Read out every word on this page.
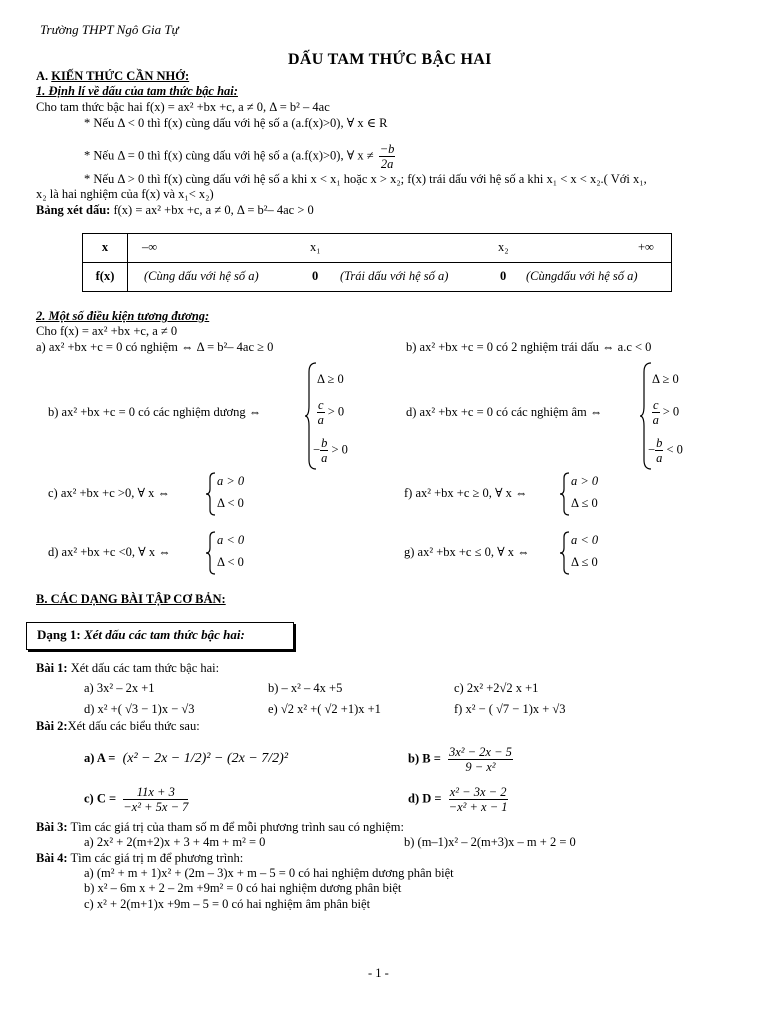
Trường THPT Ngô Gia Tự
DẤU TAM THỨC BẬC HAI
A. KIẾN THỨC CẦN NHỚ:
1. Định lí về dấu của tam thức bậc hai:
Cho tam thức bậc hai f(x) = ax² +bx +c, a ≠ 0, Δ = b² – 4ac
* Nếu Δ < 0 thì f(x) cùng dấu với hệ số a (a.f(x)>0), ∀ x ∈ R
* Nếu Δ = 0 thì f(x) cùng dấu với hệ số a (a.f(x)>0), ∀ $x \ne \frac{-b}{2a}$
* Nếu Δ > 0 thì f(x) cùng dấu với hệ số a khi x < x₁ hoặc x > x₂; f(x) trái dấu với hệ số a khi x₁ < x < x₂.( Với x₁,
x₂ là hai nghiệm của f(x) và x₁< x₂)
Bảng xét dấu: f(x) = ax² +bx +c, a ≠ 0, Δ = b²– 4ac > 0
x	–∞ x₁ x₂ +∞

f(x)	(Cùng dấu với hệ số a) 0 (Trái dấu với hệ số a) 0 (Cùngdấu với hệ số a)
2. Một số điều kiện tương đương:
Cho f(x) = ax² +bx +c, a ≠ 0
a) ax² +bx +c = 0 có nghiệm ⇔ Δ = b²– 4ac ≥ 0	b) ax² +bx +c = 0 có 2 nghiệm trái dấu ⇔ a.c < 0
b) ax² +bx +c = 0 có các nghiệm dương ⇔	d) ax² +bx +c = 0 có các nghiệm âm ⇔
Δ ≥ 0
$\frac{c}{a} > 0$
− $\frac{b}{a} > 0$
Δ ≥ 0
$\frac{c}{a} > 0$
− $\frac{b}{a} < 0$
c) ax² +bx +c >0, ∀ x ⇔
a > 0
Δ < 0
f) ax² +bx +c ≥ 0, ∀ x ⇔
a > 0
Δ ≤ 0
d) ax² +bx +c <0, ∀ x ⇔
a < 0
Δ < 0
g) ax² +bx +c ≤ 0, ∀ x ⇔
a < 0
Δ ≤ 0
B. CÁC DẠNG BÀI TẬP CƠ BẢN:
Dạng 1: Xét dấu các tam thức bậc hai:
Bài 1: Xét dấu các tam thức bậc hai:
a) 3x² – 2x +1	b) – x² – 4x +5	c) 2x² +2√2 x +1
d) x² +( √3 − 1)x − √3	e) √2 x² +( √2 +1)x +1	f) x² − ( √7 − 1)x + √3
Bài 2:Xét dấu các biểu thức sau:
a) A = (x² − 2x − 1/2)² − (2x − 7/2)²	b) $B = \frac{\text{3x² − 2x − 5}}{\text{9 − x²}}$
c) $C = \frac{11x + 3}{\text{−x² + 5x − 7}}$	d) $D = \frac{\text{x² − 3x − 2}}{\text{−x² + x − 1}}$
Bài 3: Tìm các giá trị của tham số m để mỗi phương trình sau có nghiệm:
a) 2x² + 2(m+2)x + 3 + 4m + m² = 0	b) (m–1)x² – 2(m+3)x – m + 2 = 0
Bài 4: Tìm các giá trị m để phương trình:
a) (m² + m + 1)x² + (2m – 3)x + m – 5 = 0 có hai nghiệm dương phân biệt
b) x² – 6m x + 2 – 2m +9m² = 0 có hai nghiệm dương phân biệt
c) x² + 2(m+1)x +9m – 5 = 0 có hai nghiệm âm phân biệt
- 1 -
